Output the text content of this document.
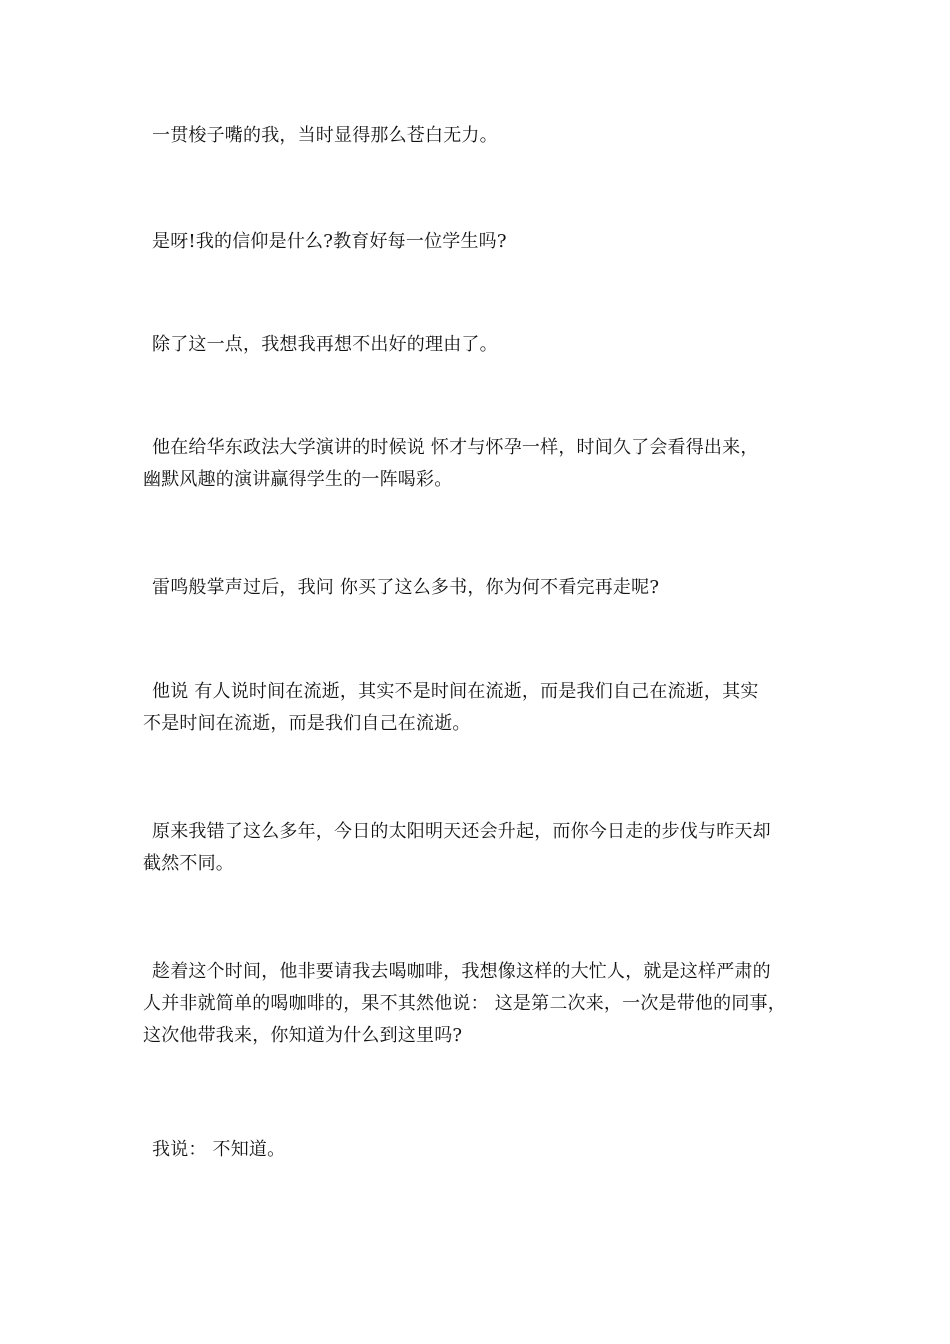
一贯梭子嘴的我，当时显得那么苍白无力。

是呀!我的信仰是什么?教育好每一位学生吗?

除了这一点，我想我再想不出好的理由了。

他在给华东政法大学演讲的时候说 怀才与怀孕一样，时间久了会看得出来，
幽默风趣的演讲赢得学生的一阵喝彩。

雷鸣般掌声过后，我问 你买了这么多书，你为何不看完再走呢?

他说 有人说时间在流逝，其实不是时间在流逝，而是我们自己在流逝，其实
不是时间在流逝，而是我们自己在流逝。

原来我错了这么多年，今日的太阳明天还会升起，而你今日走的步伐与昨天却
截然不同。

趁着这个时间，他非要请我去喝咖啡，我想像这样的大忙人，就是这样严肃的
人并非就简单的喝咖啡的，果不其然他说： 这是第二次来，一次是带他的同事，
这次他带我来，你知道为什么到这里吗?

我说： 不知道。
